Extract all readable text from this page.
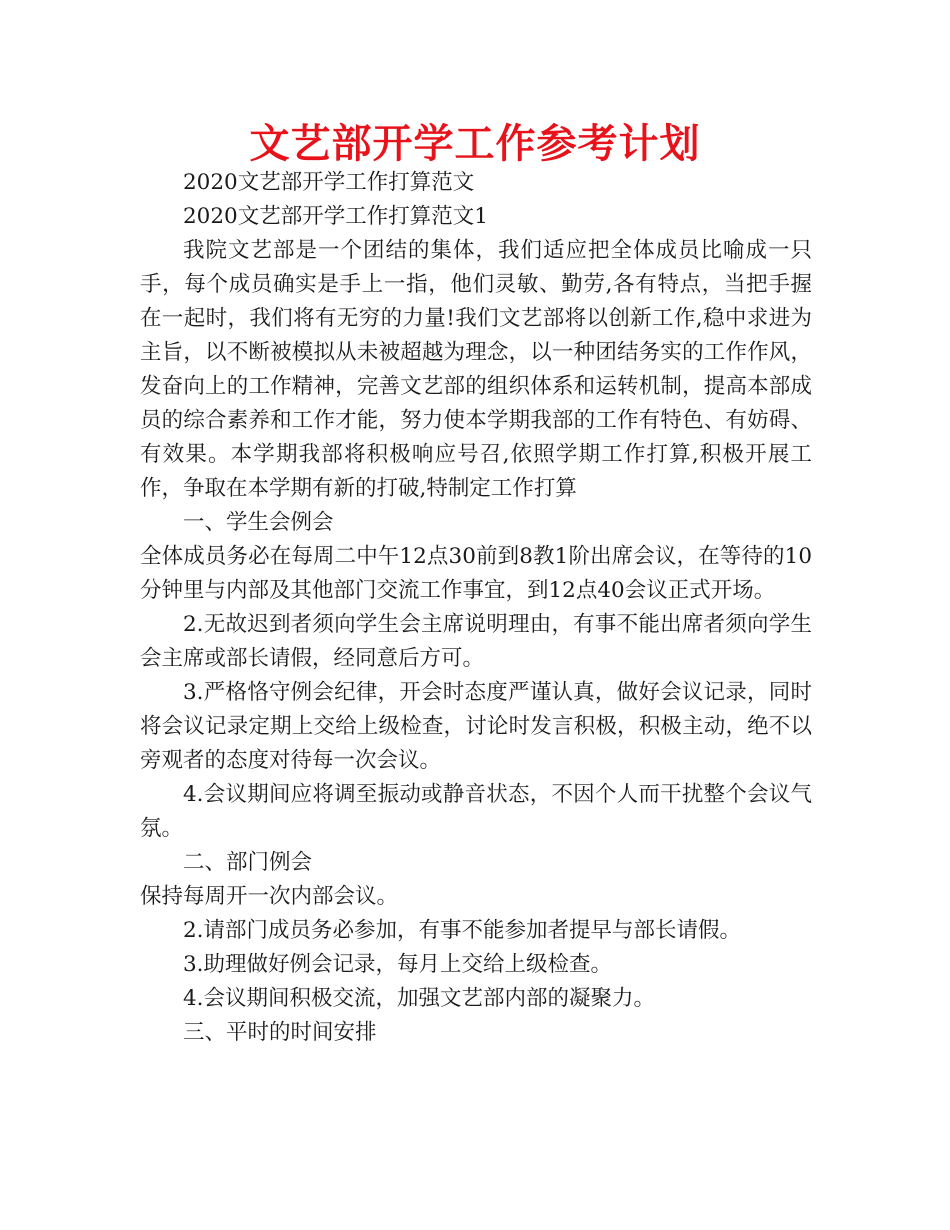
文艺部开学工作参考计划

2020文艺部开学工作打算范文

2020文艺部开学工作打算范文1

我院文艺部是一个团结的集体，我们适应把全体成员比喻成一只手，每个成员确实是手上一指，他们灵敏、勤劳,各有特点，当把手握在一起时，我们将有无穷的力量!我们文艺部将以创新工作,稳中求进为主旨，以不断被模拟从未被超越为理念，以一种团结务实的工作作风，发奋向上的工作精神，完善文艺部的组织体系和运转机制，提高本部成员的综合素养和工作才能，努力使本学期我部的工作有特色、有妨碍、有效果。本学期我部将积极响应号召,依照学期工作打算,积极开展工作，争取在本学期有新的打破,特制定工作打算

一、学生会例会

全体成员务必在每周二中午12点30前到8教1阶出席会议，在等待的10分钟里与内部及其他部门交流工作事宜，到12点40会议正式开场。

2.无故迟到者须向学生会主席说明理由，有事不能出席者须向学生会主席或部长请假，经同意后方可。

3.严格恪守例会纪律，开会时态度严谨认真，做好会议记录，同时将会议记录定期上交给上级检查，讨论时发言积极，积极主动，绝不以旁观者的态度对待每一次会议。

4.会议期间应将调至振动或静音状态，不因个人而干扰整个会议气氛。

二、部门例会

保持每周开一次内部会议。

2.请部门成员务必参加，有事不能参加者提早与部长请假。

3.助理做好例会记录，每月上交给上级检查。

4.会议期间积极交流，加强文艺部内部的凝聚力。

三、平时的时间安排
